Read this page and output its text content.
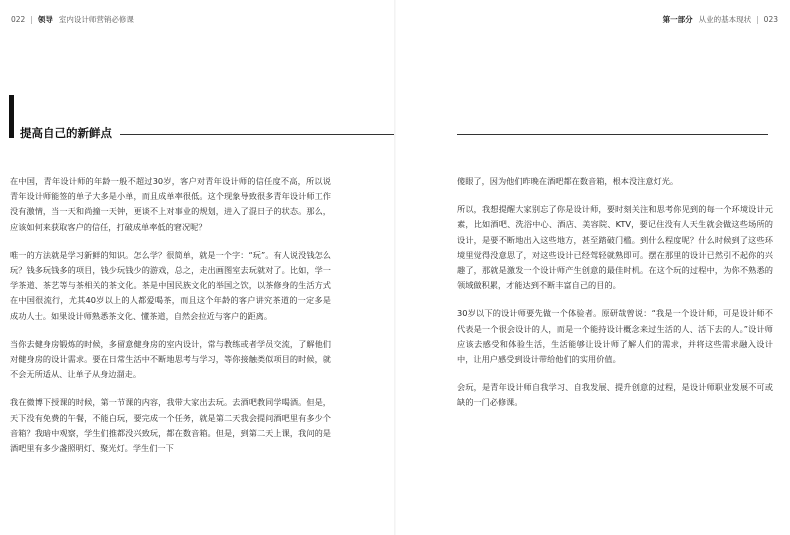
022 | 领导 室内设计师营销必修课
提高自己的新鲜点

在中国，青年设计师的年龄一般不超过30岁，客户对青年设计师的信任度不高，所以说青年设计师能签的单子大多是小单，而且成单率很低。这个现象导致很多青年设计师工作没有激情，当一天和尚撞一天钟，更谈不上对事业的规划，进入了混日子的状态。那么，应该如何来获取客户的信任，打破成单率低的窘况呢？

唯一的方法就是学习新鲜的知识。怎么学？很简单，就是一个字：“玩”。有人说没钱怎么玩？钱多玩钱多的项目，钱少玩钱少的游戏，总之，走出画图室去玩就对了。比如，学一学茶道、茶艺等与茶相关的茶文化。茶是中国民族文化的举国之饮，以茶修身的生活方式在中国很流行，尤其40岁以上的人都爱喝茶，而且这个年龄的客户讲究茶道的一定多是成功人士。如果设计师熟悉茶文化、懂茶道，自然会拉近与客户的距离。

当你去健身房锻炼的时候，多留意健身房的室内设计，常与教练或者学员交流，了解他们对健身房的设计需求。要在日常生活中不断地思考与学习，等你接触类似项目的时候，就不会无所适从、让单子从身边溜走。

我在微博下授课的时候，第一节课的内容，我带大家出去玩。去酒吧教同学喝酒。但是，天下没有免费的午餐，不能白玩，要完成一个任务，就是第二天我会提问酒吧里有多少个音箱？我暗中观察，学生们推都没兴致玩，都在数音箱。但是，到第二天上课，我问的是酒吧里有多少盏照明灯、聚光灯。学生们一下

第一部分 从业的基本现状 | 023

傻眼了，因为他们昨晚在酒吧都在数音箱，根本没注意灯光。

所以，我想提醒大家别忘了你是设计师，要时刻关注和思考你见到的每一个环境设计元素，比如酒吧、洗浴中心、酒店、美容院、KTV，要记住没有人天生就会做这些场所的设计，是要不断地出入这些地方，甚至踏破门槛。到什么程度呢？什么时候到了这些环境里觉得没意思了，对这些设计已经驾轻就熟即可。摆在那里的设计已然引不起你的兴趣了，那就是激发一个设计师产生创意的最佳时机。在这个玩的过程中，为你不熟悉的领域做积累，才能达到不断丰富自己的目的。

30岁以下的设计师要先做一个体验者。原研哉曾说：“我是一个设计师，可是设计师不代表是一个很会设计的人，而是一个能持设计概念来过生活的人、活下去的人。”设计师应该去感受和体验生活，生活能够让设计师了解人们的需求，并将这些需求融入设计中，让用户感受到设计带给他们的实用价值。

会玩，是青年设计师自我学习、自我发展、提升创意的过程，是设计师职业发展不可或缺的一门必修课。
